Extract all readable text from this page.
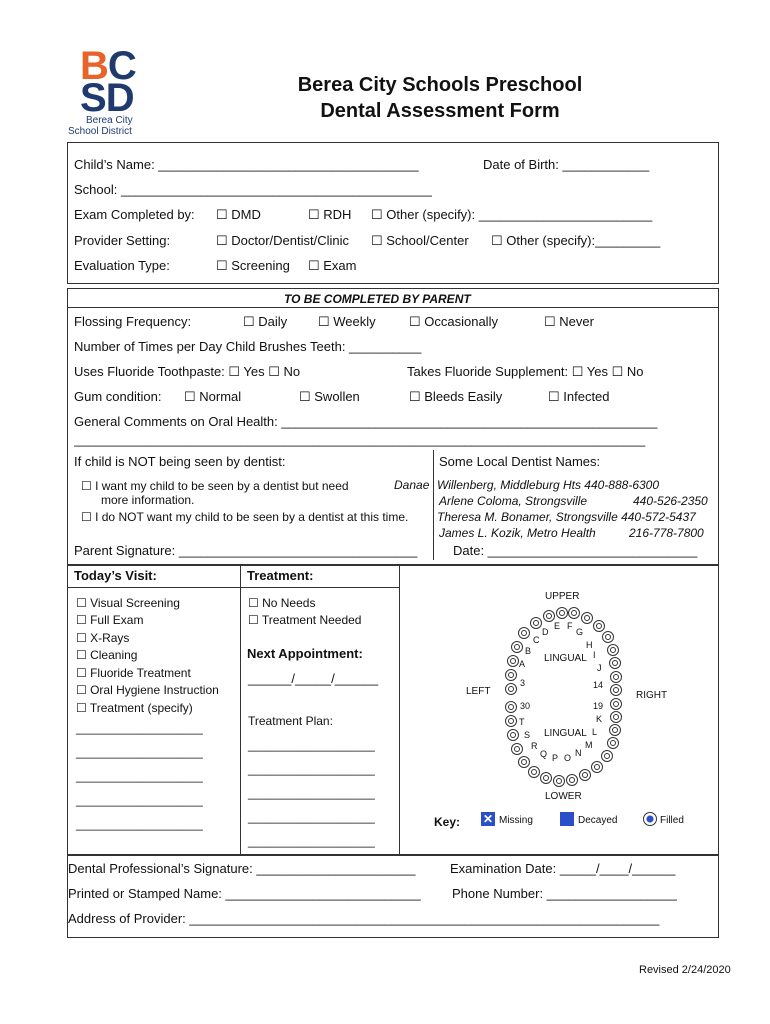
BC
SD
Berea City
School District
Berea City Schools Preschool
Dental Assessment Form
Child’s Name: ____________________________________	Date of Birth: ____________
School: ___________________________________________
Exam Completed by: ☐ DMD	☐ RDH ☐ Other (specify): ________________________
Provider Setting:	☐ Doctor/Dentist/Clinic ☐ School/Center ☐ Other (specify):_________
Evaluation Type:	☐ Screening ☐ Exam
TO BE COMPLETED BY PARENT
Flossing Frequency:	☐ Daily ☐ Weekly	☐ Occasionally	☐ Never
Number of Times per Day Child Brushes Teeth: __________
Uses Fluoride Toothpaste: ☐ Yes ☐ No	Takes Fluoride Supplement: ☐ Yes ☐ No
Gum condition: ☐ Normal	☐ Swollen	☐ Bleeds Easily	☐ Infected
General Comments on Oral Health: ____________________________________________________
_______________________________________________________________________________
If child is NOT being seen by dentist:
☐ I want my child to be seen by a dentist but need
more information.
☐ I do NOT want my child to be seen by a dentist at this time.
Danae
Some Local Dentist Names:
Willenberg, Middleburg Hts 440-888-6300
Arlene Coloma, Strongsville	440-526-2350
Theresa M. Bonamer, Strongsville 440-572-5437
James L. Kozik, Metro Health	216-778-7800
Parent Signature: _________________________________	Date: _____________________________
Today’s Visit:
☐ Visual Screening
☐ Full Exam
☐ X-Rays
☐ Cleaning
☐ Fluoride Treatment
☐ Oral Hygiene Instruction
☐ Treatment (specify)
___________________
___________________
___________________
___________________
___________________
Treatment:
☐ No Needs
☐ Treatment Needed
Next Appointment:
______/_____/______
Treatment Plan:
___________________
___________________
___________________
___________________
___________________
UPPER
LOWER
LEFT	RIGHT
LINGUAL
LINGUAL
A
B
C
D
E F
G
H
I
J
K
L
M
N
O
P
Q
R
S
T
3	14
30	19
Key: ✕ Missing	Decayed	Filled
Dental Professional’s Signature: ______________________	Examination Date: _____/____/______
Printed or Stamped Name: ___________________________ Phone Number: __________________
Address of Provider: _________________________________________________________________
Revised 2/24/2020
